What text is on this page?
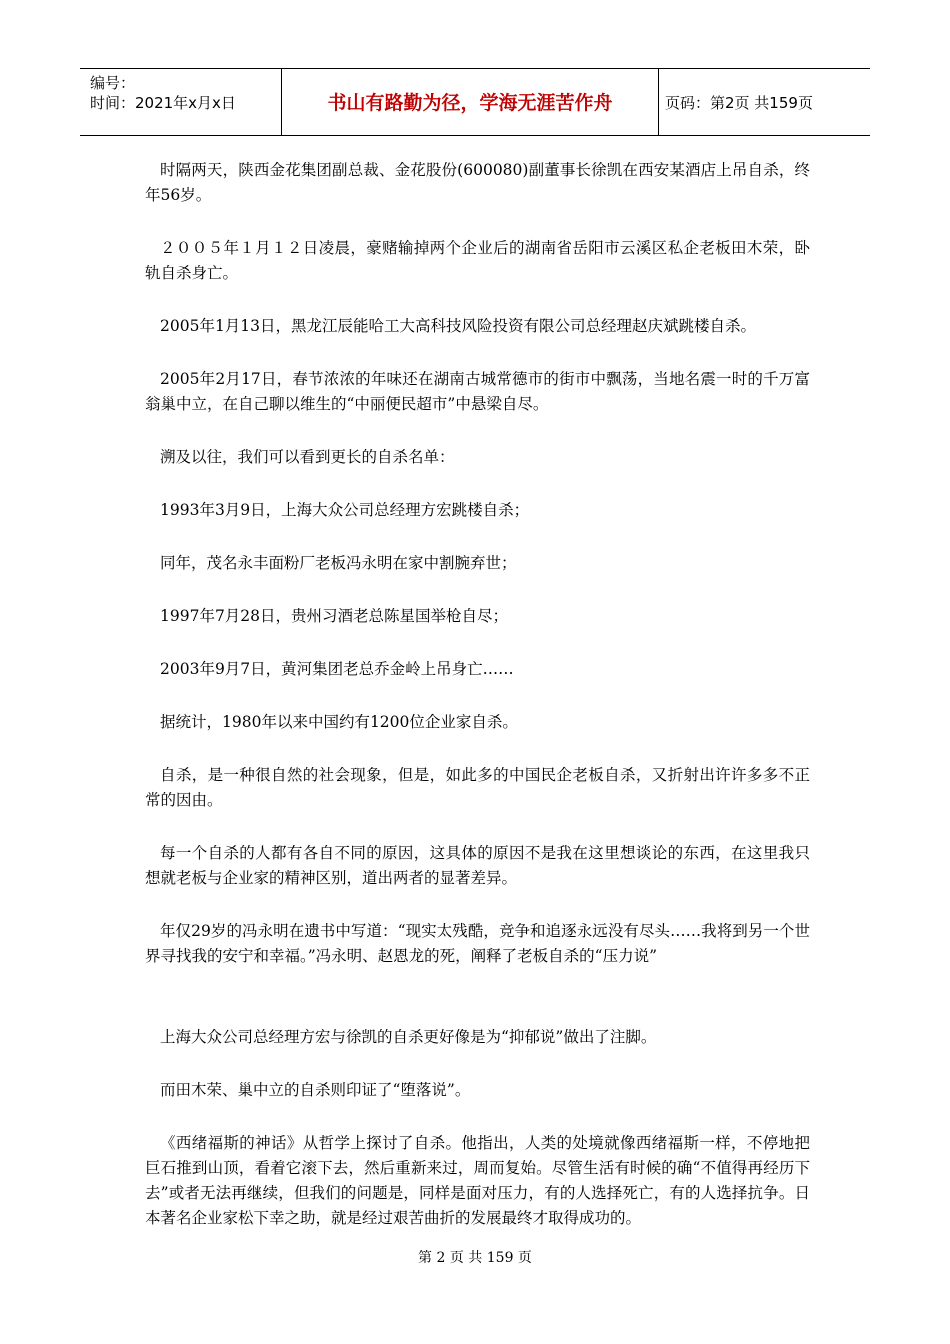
编号：
时间：2021年x月x日	书山有路勤为径，学海无涯苦作舟	页码：第2页 共159页

时隔两天，陕西金花集团副总裁、金花股份(600080)副董事长徐凯在西安某酒店上吊自杀，终年56岁。

２００５年１月１２日凌晨，豪赌输掉两个企业后的湖南省岳阳市云溪区私企老板田木荣，卧轨自杀身亡。

2005年1月13日，黑龙江辰能哈工大高科技风险投资有限公司总经理赵庆斌跳楼自杀。

2005年2月17日，春节浓浓的年味还在湖南古城常德市的街市中飘荡，当地名震一时的千万富翁巢中立，在自己聊以维生的“中丽便民超市”中悬梁自尽。

溯及以往，我们可以看到更长的自杀名单：

1993年3月9日，上海大众公司总经理方宏跳楼自杀；

同年，茂名永丰面粉厂老板冯永明在家中割腕弃世；

1997年7月28日，贵州习酒老总陈星国举枪自尽；

2003年9月7日，黄河集团老总乔金岭上吊身亡……

据统计，1980年以来中国约有1200位企业家自杀。

自杀，是一种很自然的社会现象，但是，如此多的中国民企老板自杀，又折射出许许多多不正常的因由。

每一个自杀的人都有各自不同的原因，这具体的原因不是我在这里想谈论的东西，在这里我只想就老板与企业家的精神区别，道出两者的显著差异。

年仅29岁的冯永明在遗书中写道：“现实太残酷，竞争和追逐永远没有尽头……我将到另一个世界寻找我的安宁和幸福。”冯永明、赵恩龙的死，阐释了老板自杀的“压力说”

上海大众公司总经理方宏与徐凯的自杀更好像是为“抑郁说”做出了注脚。

而田木荣、巢中立的自杀则印证了“堕落说”。

《西绪福斯的神话》从哲学上探讨了自杀。他指出，人类的处境就像西绪福斯一样，不停地把巨石推到山顶，看着它滚下去，然后重新来过，周而复始。尽管生活有时候的确“不值得再经历下去”或者无法再继续，但我们的问题是，同样是面对压力，有的人选择死亡，有的人选择抗争。日本著名企业家松下幸之助，就是经过艰苦曲折的发展最终才取得成功的。

第 2 页 共 159 页
